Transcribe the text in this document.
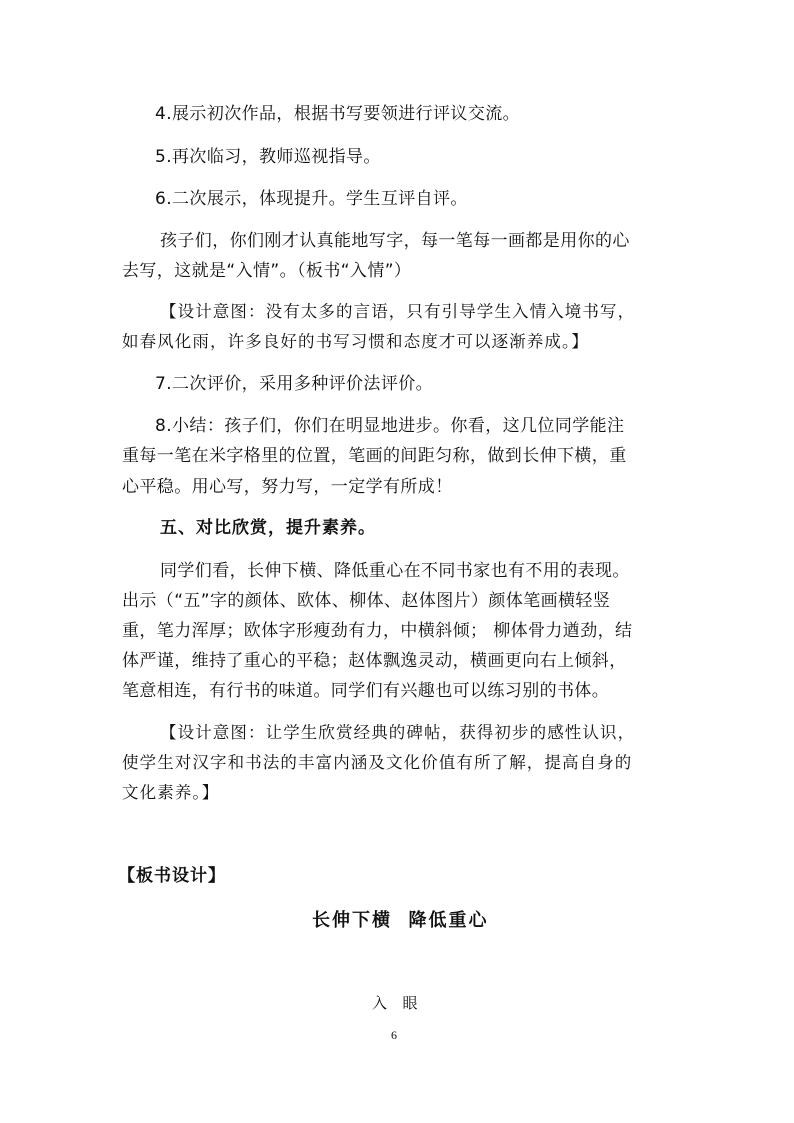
4.展示初次作品，根据书写要领进行评议交流。
5.再次临习，教师巡视指导。
6.二次展示，体现提升。学生互评自评。
孩子们，你们刚才认真能地写字，每一笔每一画都是用你的心
去写，这就是“入情”。（板书“入情”）
【设计意图：没有太多的言语，只有引导学生入情入境书写，
如春风化雨，许多良好的书写习惯和态度才可以逐渐养成。】
7.二次评价，采用多种评价法评价。
8.小结：孩子们，你们在明显地进步。你看，这几位同学能注
重每一笔在米字格里的位置，笔画的间距匀称，做到长伸下横，重
心平稳。用心写，努力写，一定学有所成！
五、对比欣赏，提升素养。
同学们看，长伸下横、降低重心在不同书家也有不用的表现。
出示（“五”字的颜体、欧体、柳体、赵体图片）颜体笔画横轻竖
重，笔力浑厚；欧体字形瘦劲有力，中横斜倾； 柳体骨力遒劲，结
体严谨，维持了重心的平稳；赵体飘逸灵动，横画更向右上倾斜，
笔意相连，有行书的味道。同学们有兴趣也可以练习别的书体。
【设计意图：让学生欣赏经典的碑帖，获得初步的感性认识，
使学生对汉字和书法的丰富内涵及文化价值有所了解，提高自身的
文化素养。】
【板书设计】
长伸下横  降低重心
入  眼
6
